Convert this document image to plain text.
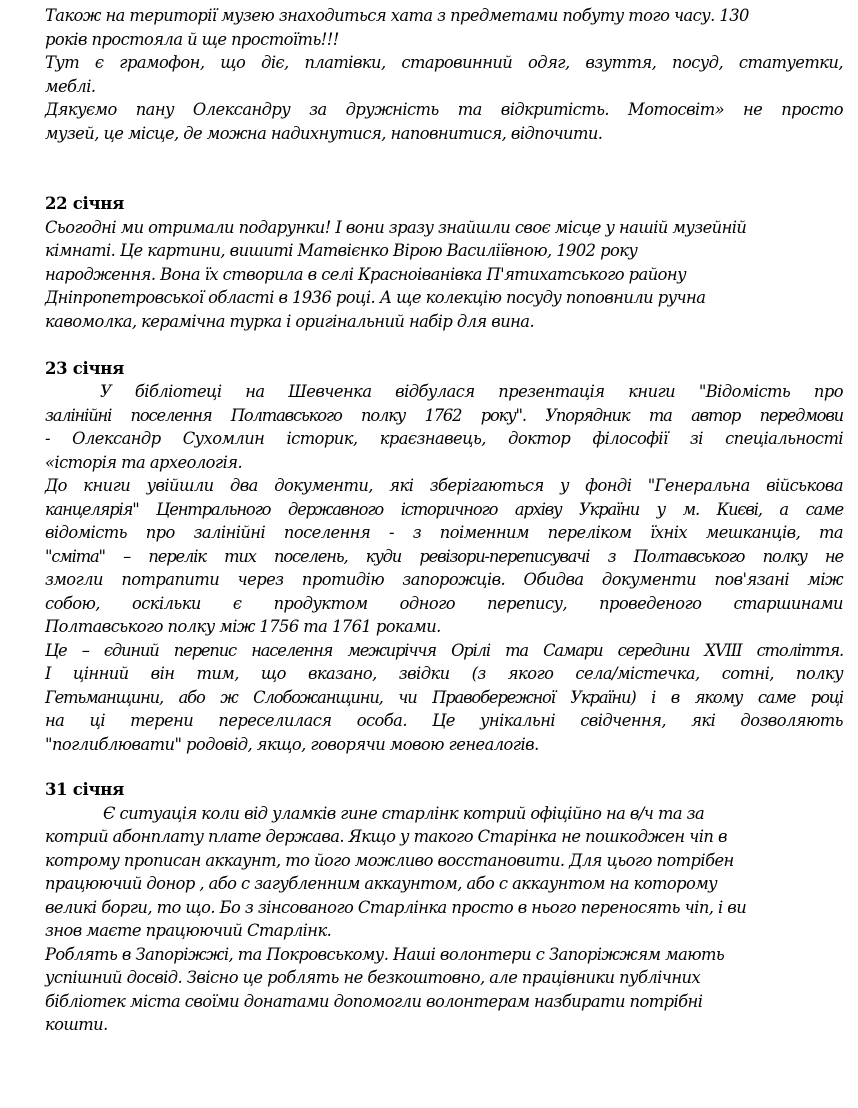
Також на території музею знаходиться хата з предметами побуту того часу. 130
років простояла й ще простоїть!!!
Тут є грамофон, що діє, платівки, старовинний одяг, взуття, посуд, статуетки,
меблі.
Дякуємо пану Олександру за дружність та відкритість. Мотосвіт» не просто
музей, це місце, де можна надихнутися, наповнитися, відпочити.
22 січня
Сьогодні ми отримали подарунки! І вони зразу знайшли своє місце у нашій музейній
кімнаті. Це картини, вишиті Матвієнко Вірою Василіївною, 1902 року
народження. Вона їх створила в селі Красноіванівка П'ятихатського району
Дніпропетровської області в 1936 році. А ще колекцію посуду поповнили ручна
кавомолка, керамічна турка і оригінальний набір для вина.
23 січня
У бібліотеці на Шевченка відбулася презентація книги "Відомість про
залінійні поселення Полтавського полку 1762 року". Упорядник та автор передмови
- Олександр Сухомлин історик, краєзнавець, доктор філософії зі спеціальності
«історія та археологія.
До книги увійшли два документи, які зберігаються у фонді "Генеральна військова
канцелярія" Центрального державного історичного архіву України у м. Києві, а саме
відомість про залінійні поселення - з поіменним переліком їхніх мешканців, та
"сміта" – перелік тих поселень, куди ревізори-переписувачі з Полтавського полку не
змогли потрапити через протидію запорожців. Обидва документи пов'язані між
собою, оскільки є продуктом одного перепису, проведеного старшинами
Полтавського полку між 1756 та 1761 роками.
Це – єдиний перепис населення межиріччя Орілі та Самари середини XVIII століття.
І цінний він тим, що вказано, звідки (з якого села/містечка, сотні, полку
Гетьманщини, або ж Слобожанщини, чи Правобережної України) і в якому саме році
на ці терени переселилася особа. Це унікальні свідчення, які дозволяють
"поглиблювати" родовід, якщо, говорячи мовою генеалогів.
31 січня
Є ситуація коли від уламків гине старлінк котрий офіційно на в/ч та за
котрий абонплату плате держава. Якщо у такого Старінка не пошкоджен чіп в
котрому прописан аккаунт, то його можливо восстановити. Для цього потрібен
працюючий донор , або с загубленним аккаунтом, або с аккаунтом на которому
великі борги, то що. Бо з зінсованого Старлінка просто в нього переносять чіп, і ви
знов маєте працюючий Старлінк.
Роблять в Запоріжжі, та Покровському. Наші волонтери с Запоріжжям мають
успішний досвід. Звісно це роблять не безкоштовно, але працівники публічних
бібліотек міста своїми донатами допомогли волонтерам назбирати потрібні
кошти.
